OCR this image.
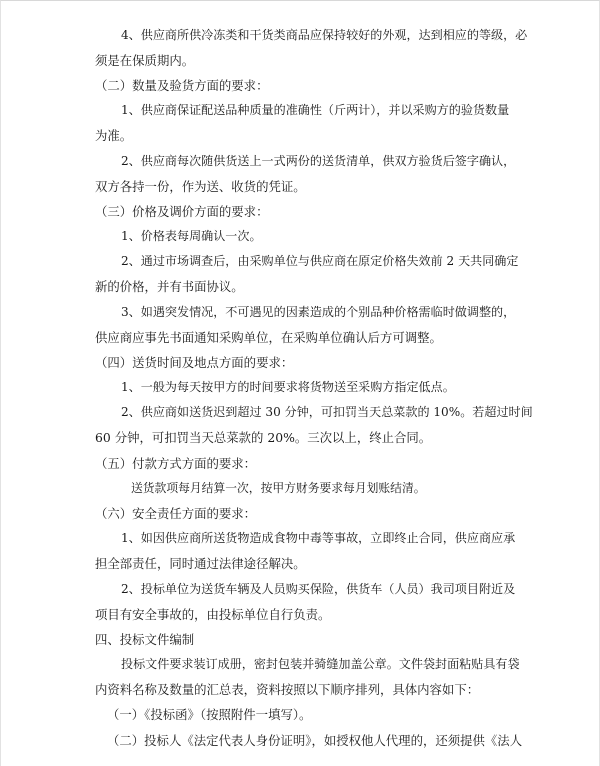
4、供应商所供冷冻类和干货类商品应保持较好的外观，达到相应的等级，必
须是在保质期内。
（二）数量及验货方面的要求：
1、供应商保证配送品种质量的准确性（斤两计），并以采购方的验货数量
为准。
2、供应商每次随供货送上一式两份的送货清单，供双方验货后签字确认，
双方各持一份，作为送、收货的凭证。
（三）价格及调价方面的要求：
1、价格表每周确认一次。
2、通过市场调查后，由采购单位与供应商在原定价格失效前 2 天共同确定
新的价格，并有书面协议。
3、如遇突发情况，不可遇见的因素造成的个别品种价格需临时做调整的，
供应商应事先书面通知采购单位，在采购单位确认后方可调整。
（四）送货时间及地点方面的要求：
1、一般为每天按甲方的时间要求将货物送至采购方指定低点。
2、供应商如送货迟到超过 30 分钟，可扣罚当天总菜款的 10%。若超过时间
60 分钟，可扣罚当天总菜款的 20%。三次以上，终止合同。
（五）付款方式方面的要求：
送货款项每月结算一次，按甲方财务要求每月划账结清。
（六）安全责任方面的要求：
1、如因供应商所送货物造成食物中毒等事故，立即终止合同，供应商应承
担全部责任，同时通过法律途径解决。
2、投标单位为送货车辆及人员购买保险，供货车（人员）我司项目附近及
项目有安全事故的，由投标单位自行负责。
四、投标文件编制
投标文件要求装订成册，密封包装并骑缝加盖公章。文件袋封面粘贴具有袋
内资料名称及数量的汇总表，资料按照以下顺序排列，具体内容如下：
（一）《投标函》（按照附件一填写）。
（二）投标人《法定代表人身份证明》，如授权他人代理的，还须提供《法人
